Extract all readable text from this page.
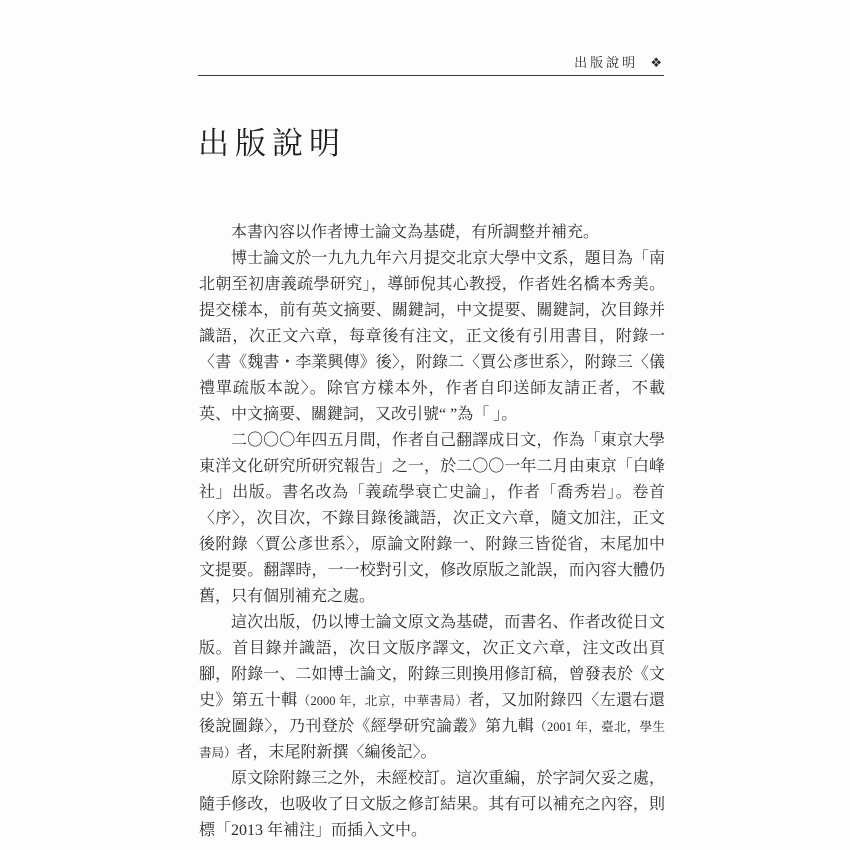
出版說明 ❖
出版說明

本書內容以作者博士論文為基礎，有所調整并補充。

博士論文於一九九九年六月提交北京大學中文系，題目為「南北朝至初唐義疏學研究」，導師倪其心教授，作者姓名橋本秀美。提交樣本，前有英文摘要、關鍵詞，中文提要、關鍵詞，次目錄并識語，次正文六章，每章後有注文，正文後有引用書目，附錄一〈書《魏書・李業興傳》後〉，附錄二〈賈公彥世系〉，附錄三〈儀禮單疏版本說〉。除官方樣本外，作者自印送師友請正者，不載英、中文摘要、關鍵詞，又改引號“ ”為「 」。

二〇〇〇年四五月間，作者自己翻譯成日文，作為「東京大學東洋文化研究所研究報告」之一，於二〇〇一年二月由東京「白峰社」出版。書名改為「義疏學衰亡史論」，作者「喬秀岩」。卷首〈序〉，次目次，不錄目錄後識語，次正文六章，隨文加注，正文後附錄〈賈公彥世系〉，原論文附錄一、附錄三皆從省，末尾加中文提要。翻譯時，一一校對引文，修改原版之訛誤，而內容大體仍舊，只有個別補充之處。

這次出版，仍以博士論文原文為基礎，而書名、作者改從日文版。首目錄并識語，次日文版序譯文，次正文六章，注文改出頁腳，附錄一、二如博士論文，附錄三則換用修訂稿，曾發表於《文史》第五十輯（2000 年，北京，中華書局）者，又加附錄四〈左還右還後說圖錄〉，乃刊登於《經學研究論叢》第九輯（2001 年，臺北，學生書局）者，末尾附新撰〈編後記〉。

原文除附錄三之外，未經校訂。這次重編，於字詞欠妥之處，隨手修改，也吸收了日文版之修訂結果。其有可以補充之內容，則標「2013 年補注」而插入文中。
